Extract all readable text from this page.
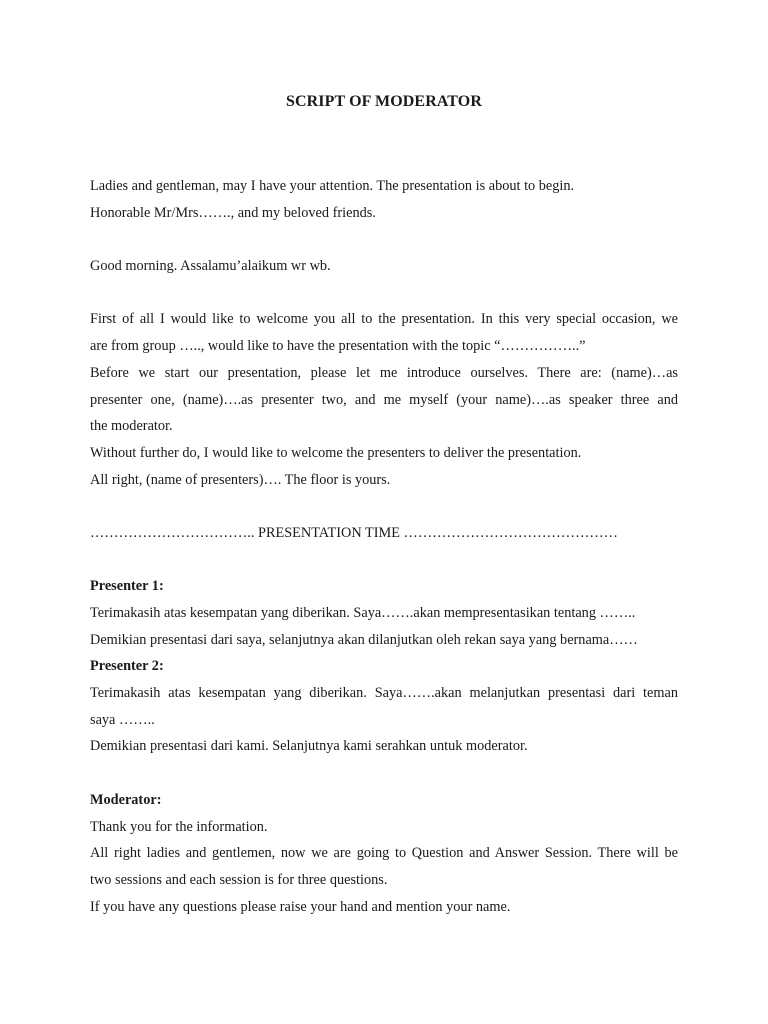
SCRIPT OF MODERATOR
Ladies and gentleman, may I have your attention. The presentation is about to begin.
Honorable Mr/Mrs……., and my beloved friends.
Good morning. Assalamu’alaikum wr wb.
First of all I would like to welcome you all to the presentation. In this very special occasion, we
are from group ….., would like to have the presentation with the topic “……………..”
Before we start our presentation, please let me introduce ourselves. There are: (name)…as
presenter one, (name)….as presenter two, and me myself (your name)….as speaker three and
the moderator.
Without further do, I would like to welcome the presenters to deliver the presentation.
All right, (name of presenters)…. The floor is yours.
…………………………….. PRESENTATION TIME ………………………………………
Presenter 1:
Terimakasih atas kesempatan yang diberikan. Saya…….akan mempresentasikan tentang ……..
Demikian presentasi dari saya, selanjutnya akan dilanjutkan oleh rekan saya yang bernama……
Presenter 2:
Terimakasih atas kesempatan yang diberikan. Saya…….akan melanjutkan presentasi dari teman
saya ……..
Demikian presentasi dari kami. Selanjutnya kami serahkan untuk moderator.
Moderator:
Thank you for the information.
All right ladies and gentlemen, now we are going to Question and Answer Session. There will be
two sessions and each session is for three questions.
If you have any questions please raise your hand and mention your name.
